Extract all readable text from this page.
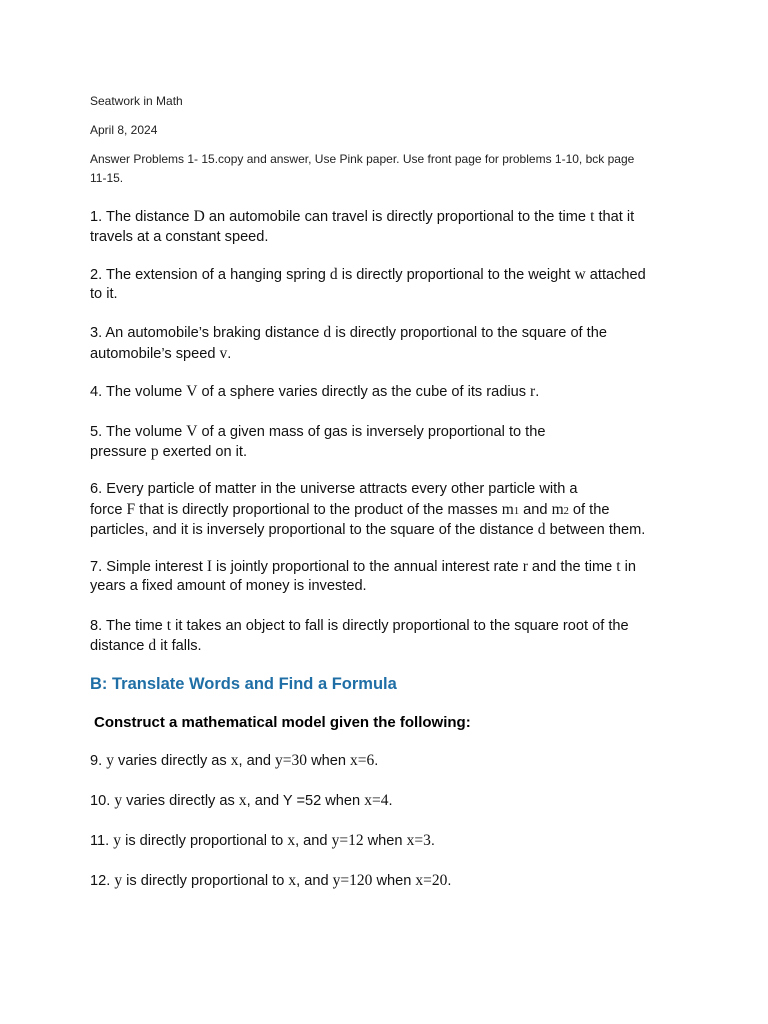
Seatwork in Math
April 8, 2024
Answer Problems 1- 15.copy and answer, Use Pink paper. Use front page for problems 1-10, bck page
11-15.
1. The distance D an automobile can travel is directly proportional to the time t that it
travels at a constant speed.
2. The extension of a hanging spring d is directly proportional to the weight w attached
to it.
3. An automobile’s braking distance d is directly proportional to the square of the
automobile’s speed v.
4. The volume V of a sphere varies directly as the cube of its radius r.
5. The volume V of a given mass of gas is inversely proportional to the
pressure p exerted on it.
6. Every particle of matter in the universe attracts every other particle with a
force F that is directly proportional to the product of the masses m1 and m2 of the
particles, and it is inversely proportional to the square of the distance d between them.
7. Simple interest I is jointly proportional to the annual interest rate r and the time t in
years a fixed amount of money is invested.
8. The time t it takes an object to fall is directly proportional to the square root of the
distance d it falls.
B: Translate Words and Find a Formula
Construct a mathematical model given the following:
9. y varies directly as x, and y=30 when x=6.
10. y varies directly as x, and Y =52 when x=4.
11. y is directly proportional to x, and y=12 when x=3.
12. y is directly proportional to x, and y=120 when x=20.
